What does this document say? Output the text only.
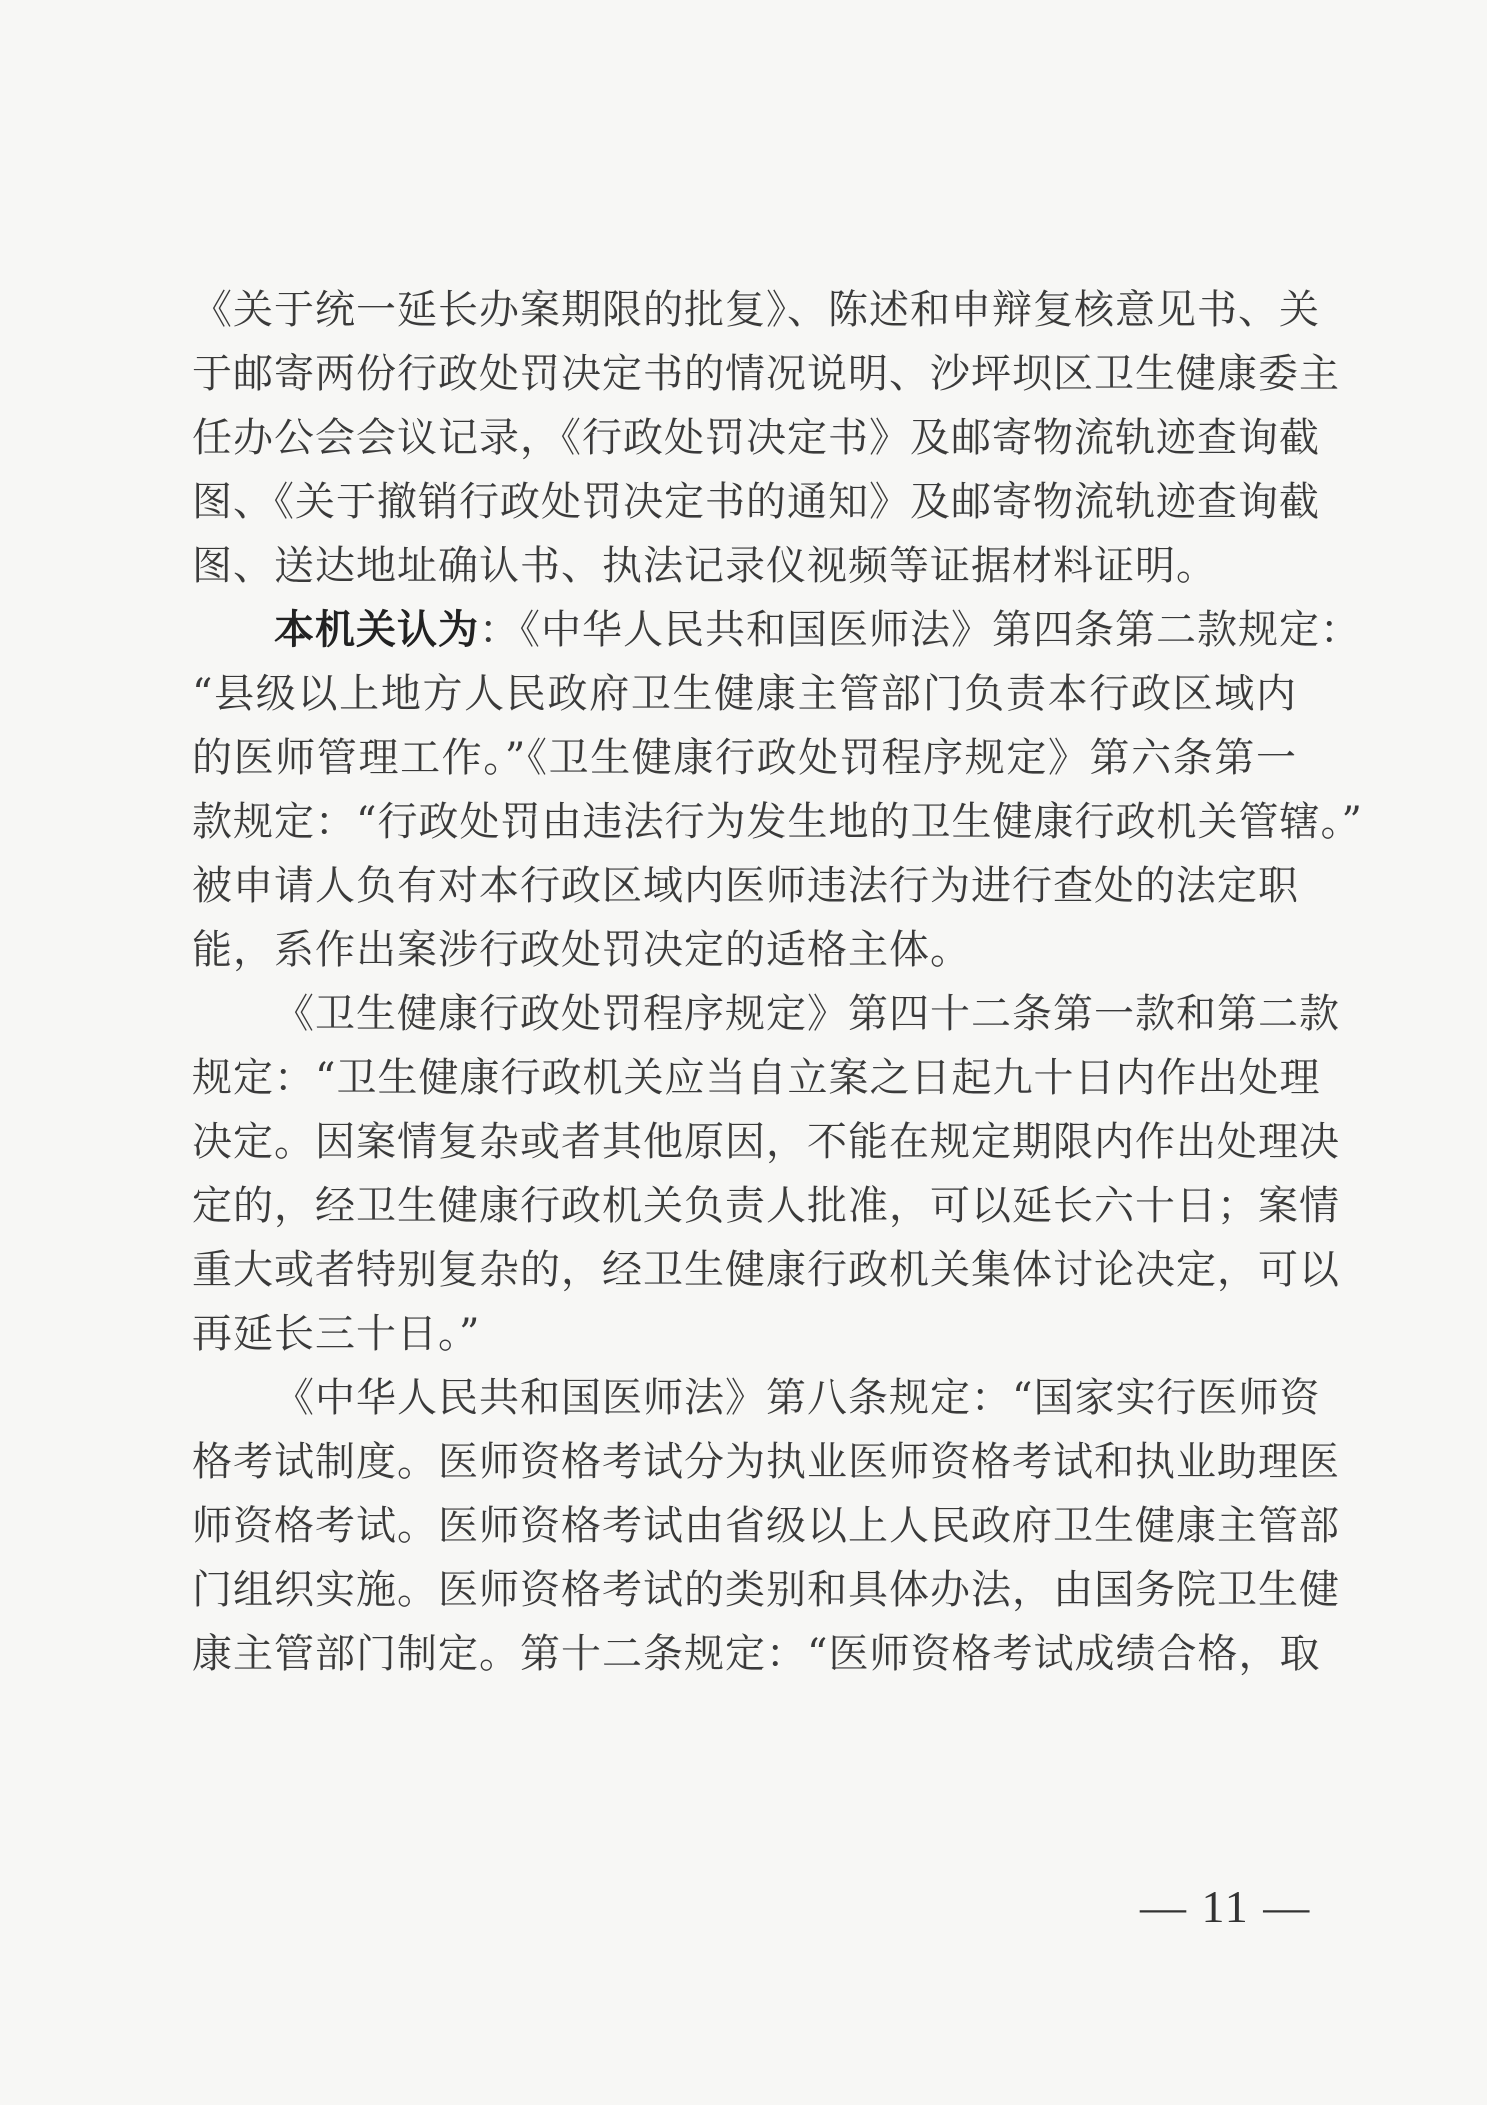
《关于统一延长办案期限的批复》、陈述和申辩复核意见书、关
于邮寄两份行政处罚决定书的情况说明、沙坪坝区卫生健康委主
任办公会会议记录，《行政处罚决定书》及邮寄物流轨迹查询截
图、《关于撤销行政处罚决定书的通知》及邮寄物流轨迹查询截
图、送达地址确认书、执法记录仪视频等证据材料证明。
本机关认为：《中华人民共和国医师法》第四条第二款规定：
“县级以上地方人民政府卫生健康主管部门负责本行政区域内
的医师管理工作。”《卫生健康行政处罚程序规定》第六条第一
款规定：“行政处罚由违法行为发生地的卫生健康行政机关管辖。”
被申请人负有对本行政区域内医师违法行为进行查处的法定职
能，系作出案涉行政处罚决定的适格主体。
《卫生健康行政处罚程序规定》第四十二条第一款和第二款
规定：“卫生健康行政机关应当自立案之日起九十日内作出处理
决定。因案情复杂或者其他原因，不能在规定期限内作出处理决
定的，经卫生健康行政机关负责人批准，可以延长六十日；案情
重大或者特别复杂的，经卫生健康行政机关集体讨论决定，可以
再延长三十日。”
《中华人民共和国医师法》第八条规定：“国家实行医师资
格考试制度。医师资格考试分为执业医师资格考试和执业助理医
师资格考试。医师资格考试由省级以上人民政府卫生健康主管部
门组织实施。医师资格考试的类别和具体办法，由国务院卫生健
康主管部门制定。第十二条规定：“医师资格考试成绩合格，取
— 11 —
